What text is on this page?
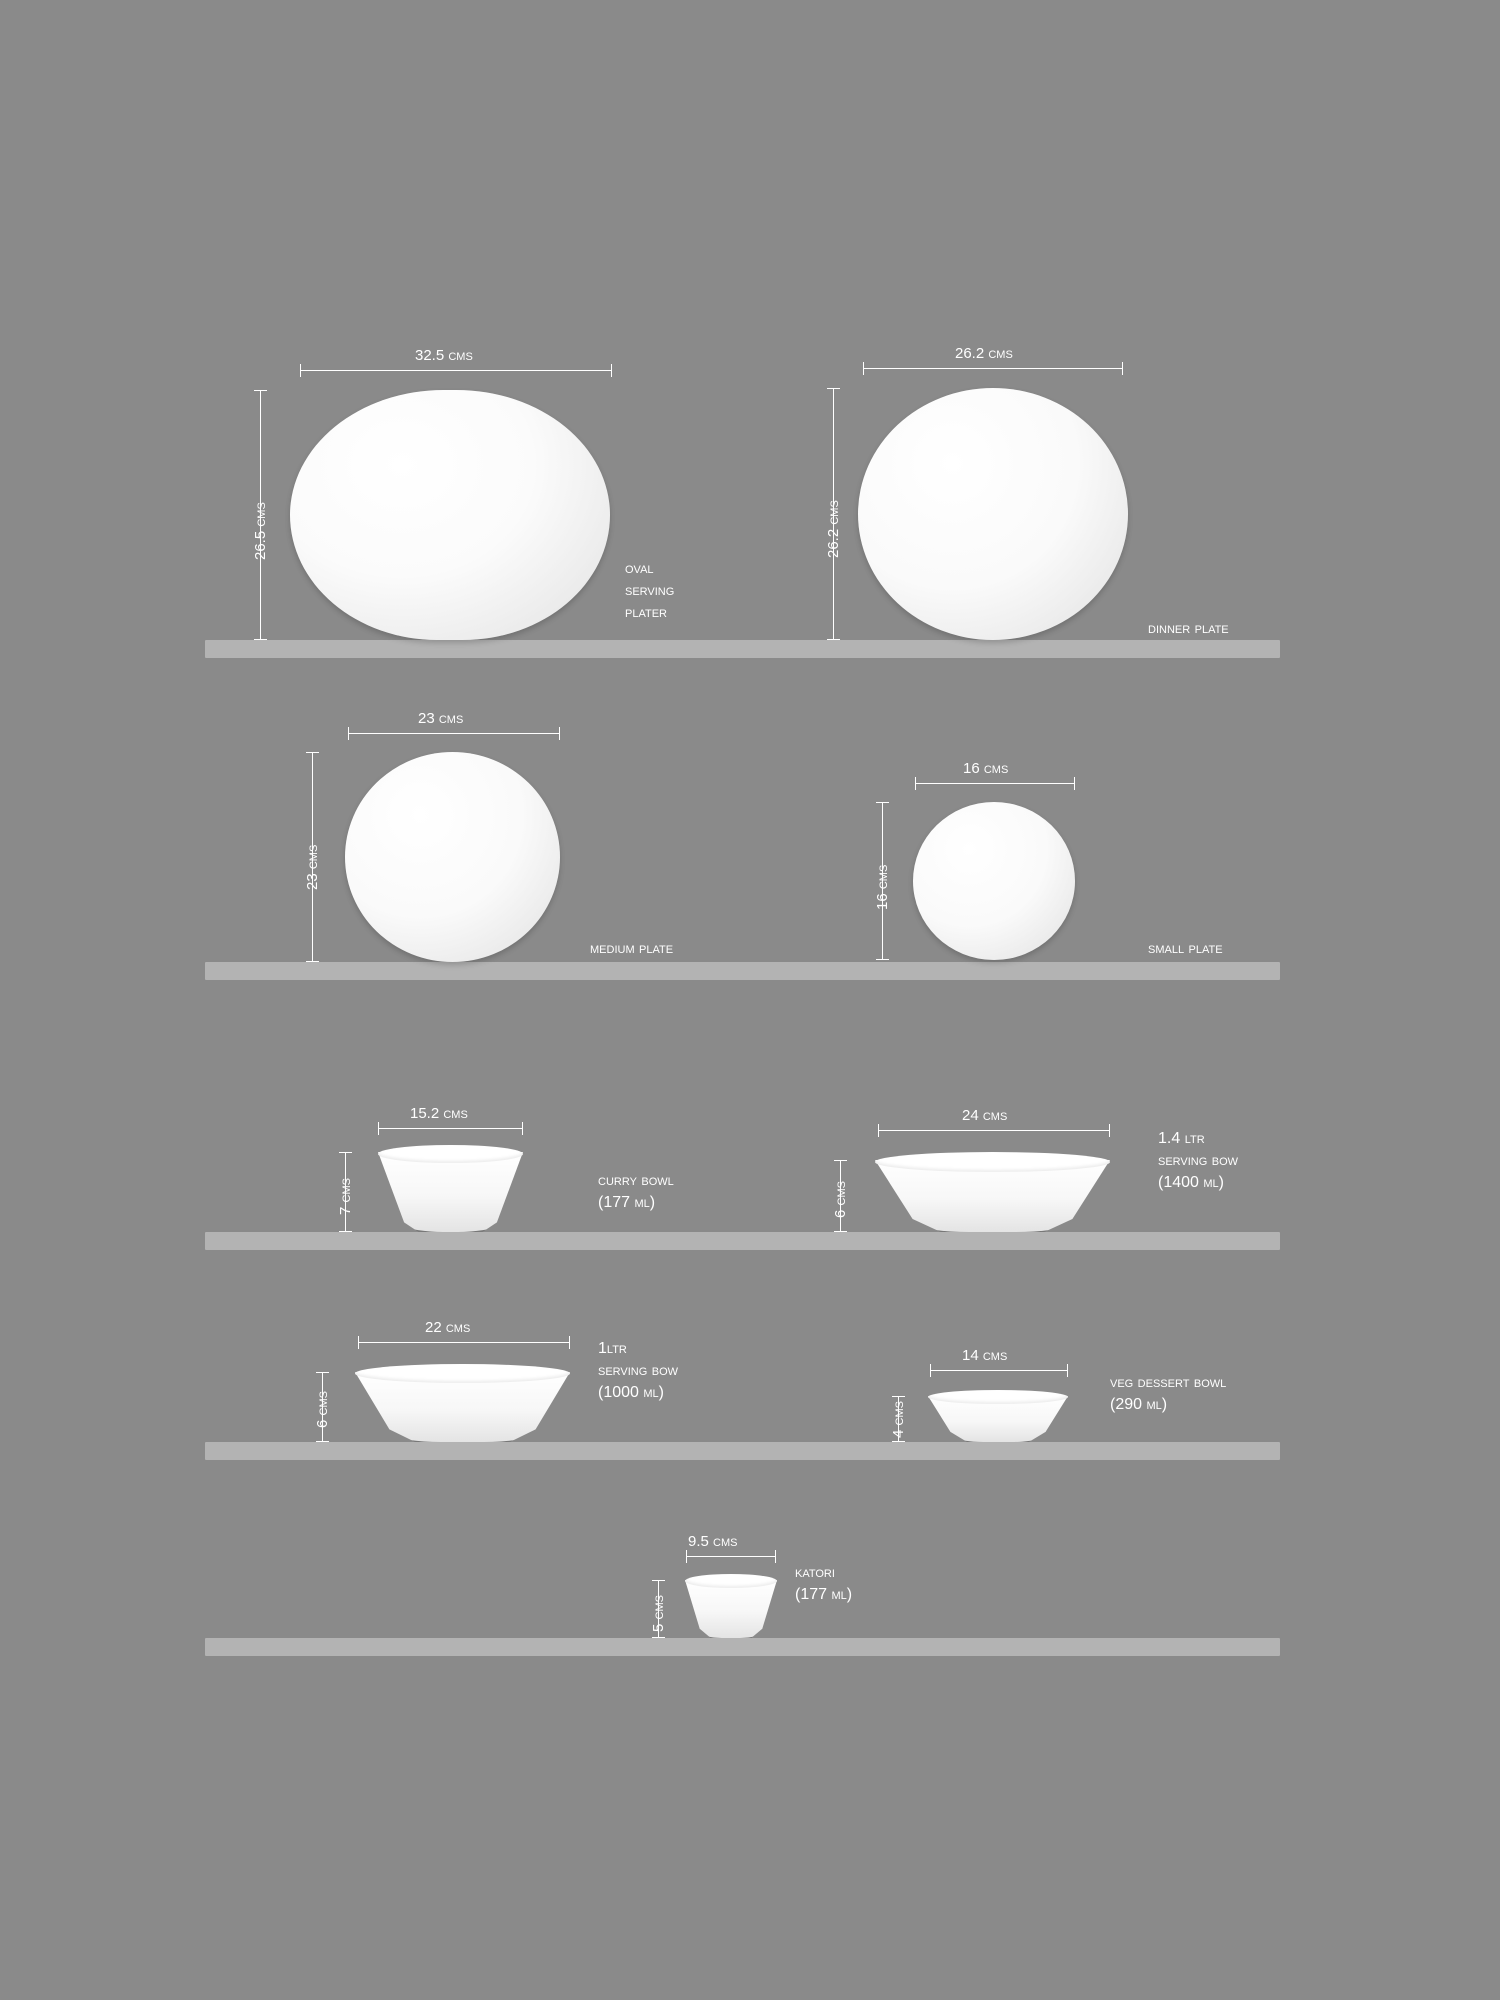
32.5 cms
26.5 cms
oval
serving
plater
26.2 cms
26.2 cms
dinner plate
23 cms
23 cms
medium plate
16 cms
16 cms
small plate
15.2 cms
7 cms	curry bowl
(177 ml)
24 cms
6 cms
1.4 ltr
serving bow
(1400 ml)
22 cms
6 cms
1ltr
serving bow
(1000 ml)
14 cms
4 cms
veg dessert bowl
(290 ml)
9.5 cms
5 cms
katori
(177 ml)
